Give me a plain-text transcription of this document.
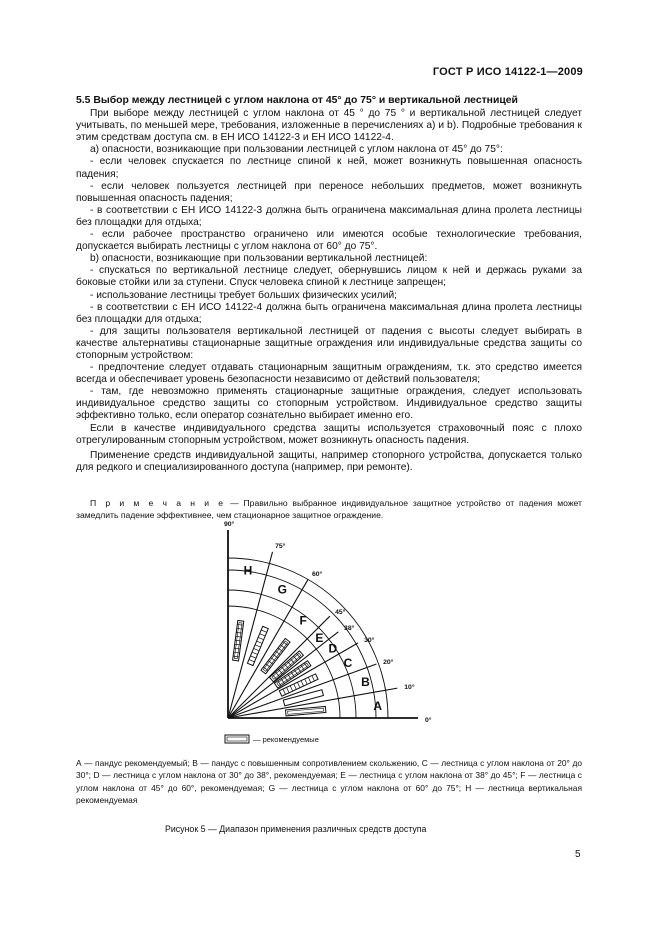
ГОСТ Р ИСО 14122-1—2009
5.5 Выбор между лестницей с углом наклона от 45° до 75° и вертикальной лестницей

При выборе между лестницей с углом наклона от 45 ° до 75 ° и вертикальной лестницей следует учитывать, по меньшей мере, требования, изложенные в перечислениях а) и b). Подробные требования к этим средствам доступа см. в ЕН ИСО 14122-3 и ЕН ИСО 14122-4.

а) опасности, возникающие при пользовании лестницей с углом наклона от 45° до 75°:

- если человек спускается по лестнице спиной к ней, может возникнуть повышенная опасность падения;

- если человек пользуется лестницей при переносе небольших предметов, может возникнуть повышенная опасность падения;

- в соответствии с ЕН ИСО 14122-3 должна быть ограничена максимальная длина пролета лестницы без площадки для отдыха;

- если рабочее пространство ограничено или имеются особые технологические требования, допускается выбирать лестницы с углом наклона от 60° до 75°.

b) опасности, возникающие при пользовании вертикальной лестницей:

- спускаться по вертикальной лестнице следует, обернувшись лицом к ней и держась руками за боковые стойки или за ступени. Спуск человека спиной к лестнице запрещен;

- использование лестницы требует больших физических усилий;

- в соответствии с ЕН ИСО 14122-4 должна быть ограничена максимальная длина пролета лестницы без площадки для отдыха;

- для защиты пользователя вертикальной лестницей от падения с высоты следует выбирать в качестве альтернативы стационарные защитные ограждения или индивидуальные средства защиты со стопорным устройством:

- предпочтение следует отдавать стационарным защитным ограждениям, т.к. это средство имеется всегда и обеспечивает уровень безопасности независимо от действий пользователя;

- там, где невозможно применять стационарные защитные ограждения, следует использовать индивидуальное средство защиты со стопорным устройством. Индивидуальное средство защиты эффективно только, если оператор сознательно выбирает именно его.

Если в качестве индивидуального средства защиты используется страховочный пояс с плохо отрегулированным стопорным устройством, может возникнуть опасность падения.

Применение средств индивидуальной защиты, например стопорного устройства, допускается только для редкого и специализированного доступа (например, при ремонте).

П р и м е ч а н и е — Правильно выбранное индивидуальное защитное устройство от падения может замедлить падение эффективнее, чем стационарное защитное ограждение.
0°
10°
20°
30°
38°
45°
60°
75°
90°
A
B
C
D
E
F
G
H
— рекомендуемые
А — пандус рекомендуемый; В — пандус с повышенным сопротивлением скольжению, С — лестница с углом наклона от 20° до 30°; D — лестница с углом наклона от 30° до 38°, рекомендуемая; Е — лестница с углом наклона от 38° до 45°; F — лестница с углом наклона от 45° до 60°, рекомендуемая; G — лестница с углом наклона от 60° до 75°; Н — лестница вертикальная рекомендуемая
Рисунок 5 — Диапазон применения различных средств доступа
5
